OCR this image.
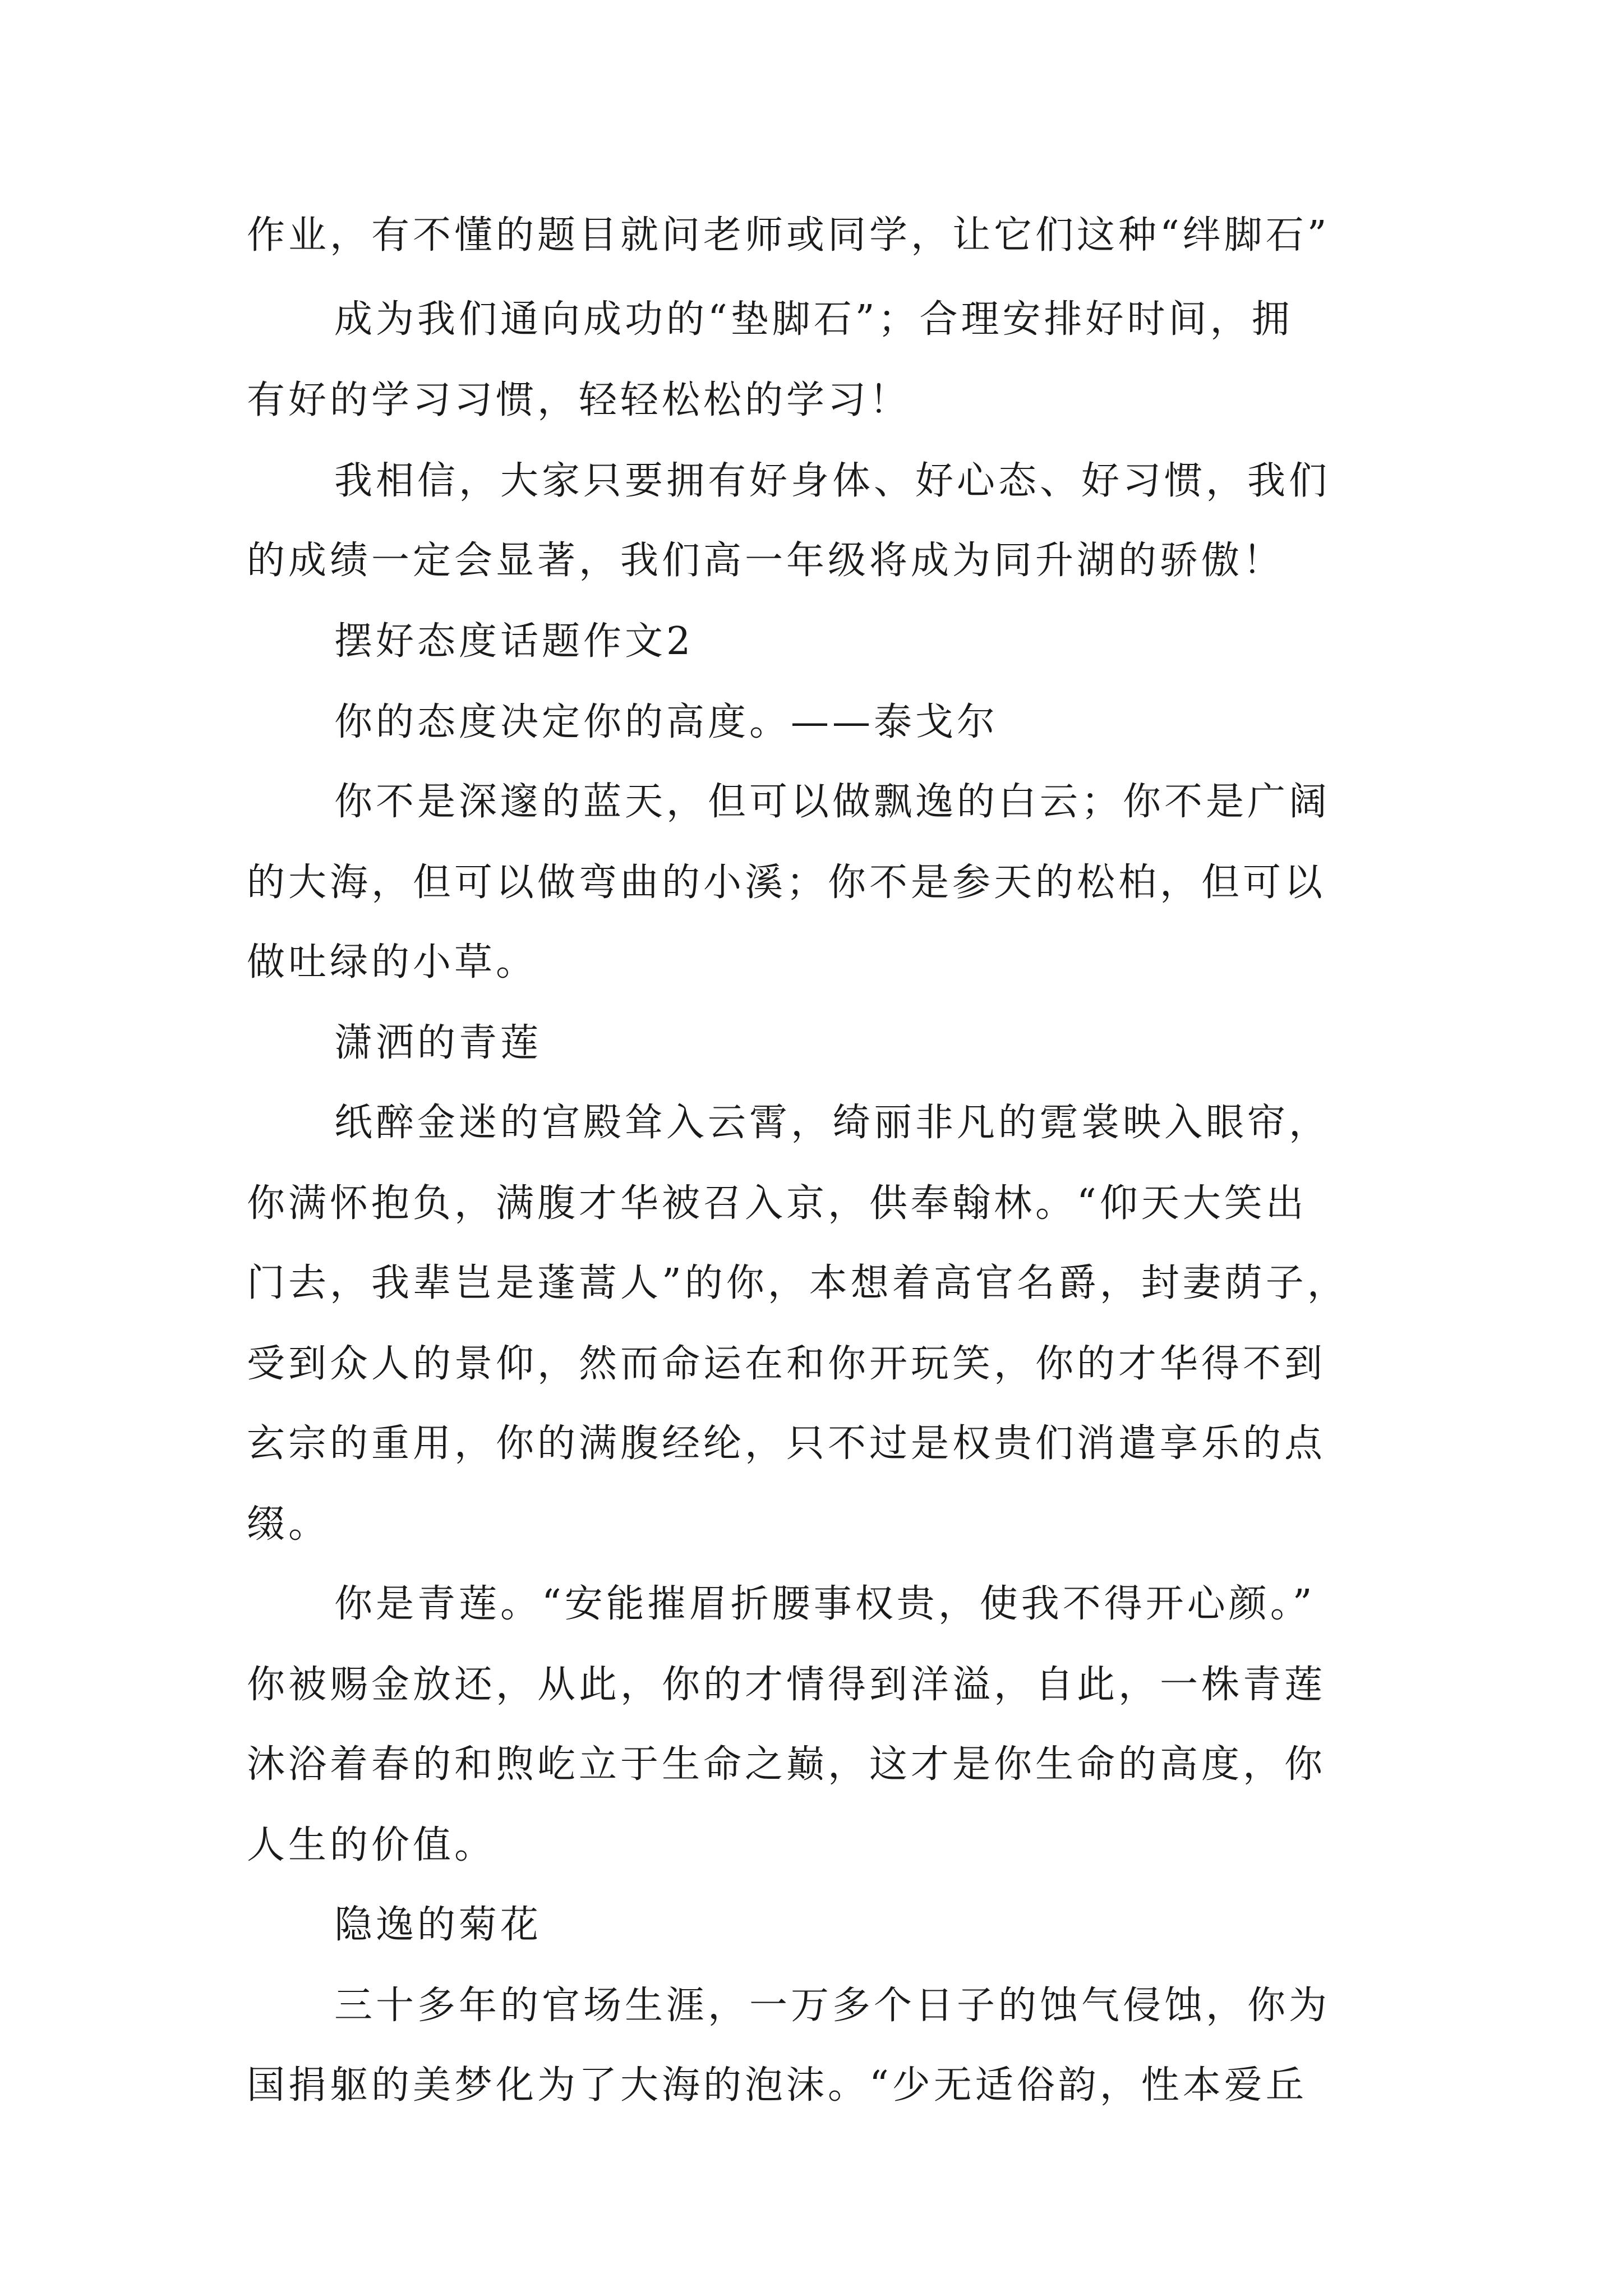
作业，有不懂的题目就问老师或同学，让它们这种“绊脚石”
成为我们通向成功的“垫脚石”；合理安排好时间，拥
有好的学习习惯，轻轻松松的学习！
我相信，大家只要拥有好身体、好心态、好习惯，我们
的成绩一定会显著，我们高一年级将成为同升湖的骄傲！
摆好态度话题作文2
你的态度决定你的高度。——泰戈尔
你不是深邃的蓝天，但可以做飘逸的白云；你不是广阔
的大海，但可以做弯曲的小溪；你不是参天的松柏，但可以
做吐绿的小草。
潇洒的青莲
纸醉金迷的宫殿耸入云霄，绮丽非凡的霓裳映入眼帘，
你满怀抱负，满腹才华被召入京，供奉翰林。“仰天大笑出
门去，我辈岂是蓬蒿人”的你，本想着高官名爵，封妻荫子，
受到众人的景仰，然而命运在和你开玩笑，你的才华得不到
玄宗的重用，你的满腹经纶，只不过是权贵们消遣享乐的点
缀。
你是青莲。“安能摧眉折腰事权贵，使我不得开心颜。”
你被赐金放还，从此，你的才情得到洋溢，自此，一株青莲
沐浴着春的和煦屹立于生命之巅，这才是你生命的高度，你
人生的价值。
隐逸的菊花
三十多年的官场生涯，一万多个日子的蚀气侵蚀，你为
国捐躯的美梦化为了大海的泡沫。“少无适俗韵，性本爱丘
